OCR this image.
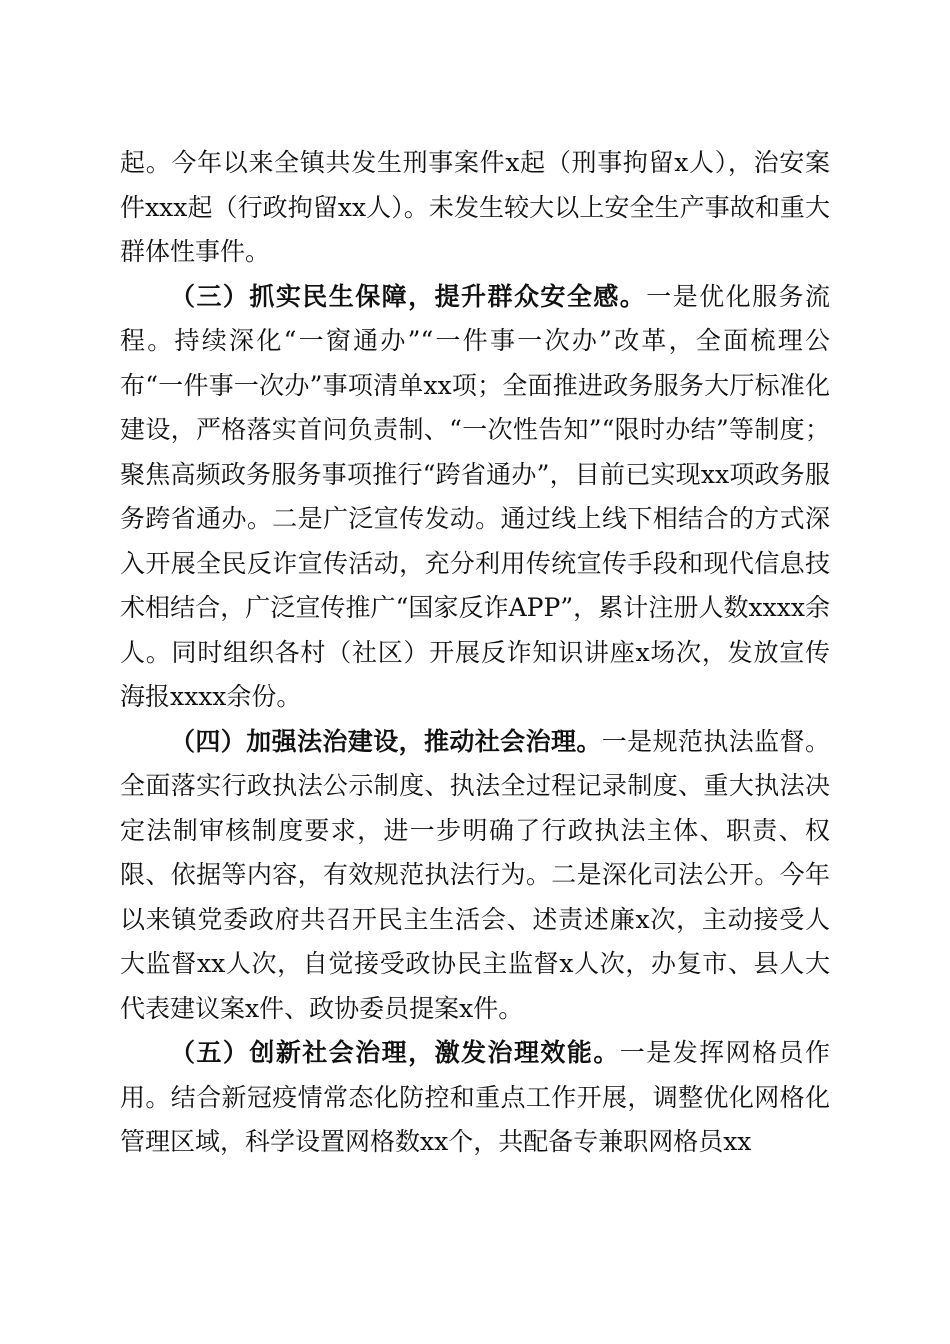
起。今年以来全镇共发生刑事案件x起（刑事拘留x人），治安案件xxx起（行政拘留xx人）。未发生较大以上安全生产事故和重大群体性事件。

（三）抓实民生保障，提升群众安全感。一是优化服务流程。持续深化“一窗通办”“一件事一次办”改革，全面梳理公布“一件事一次办”事项清单xx项；全面推进政务服务大厅标准化建设，严格落实首问负责制、“一次性告知”“限时办结”等制度；聚焦高频政务服务事项推行“跨省通办”，目前已实现xx项政务服务跨省通办。二是广泛宣传发动。通过线上线下相结合的方式深入开展全民反诈宣传活动，充分利用传统宣传手段和现代信息技术相结合，广泛宣传推广“国家反诈APP”，累计注册人数xxxx余人。同时组织各村（社区）开展反诈知识讲座x场次，发放宣传海报xxxx余份。

（四）加强法治建设，推动社会治理。一是规范执法监督。全面落实行政执法公示制度、执法全过程记录制度、重大执法决定法制审核制度要求，进一步明确了行政执法主体、职责、权限、依据等内容，有效规范执法行为。二是深化司法公开。今年以来镇党委政府共召开民主生活会、述责述廉x次，主动接受人大监督xx人次，自觉接受政协民主监督x人次，办复市、县人大代表建议案x件、政协委员提案x件。

（五）创新社会治理，激发治理效能。一是发挥网格员作用。结合新冠疫情常态化防控和重点工作开展，调整优化网格化管理区域，科学设置网格数xx个，共配备专兼职网格员xx
